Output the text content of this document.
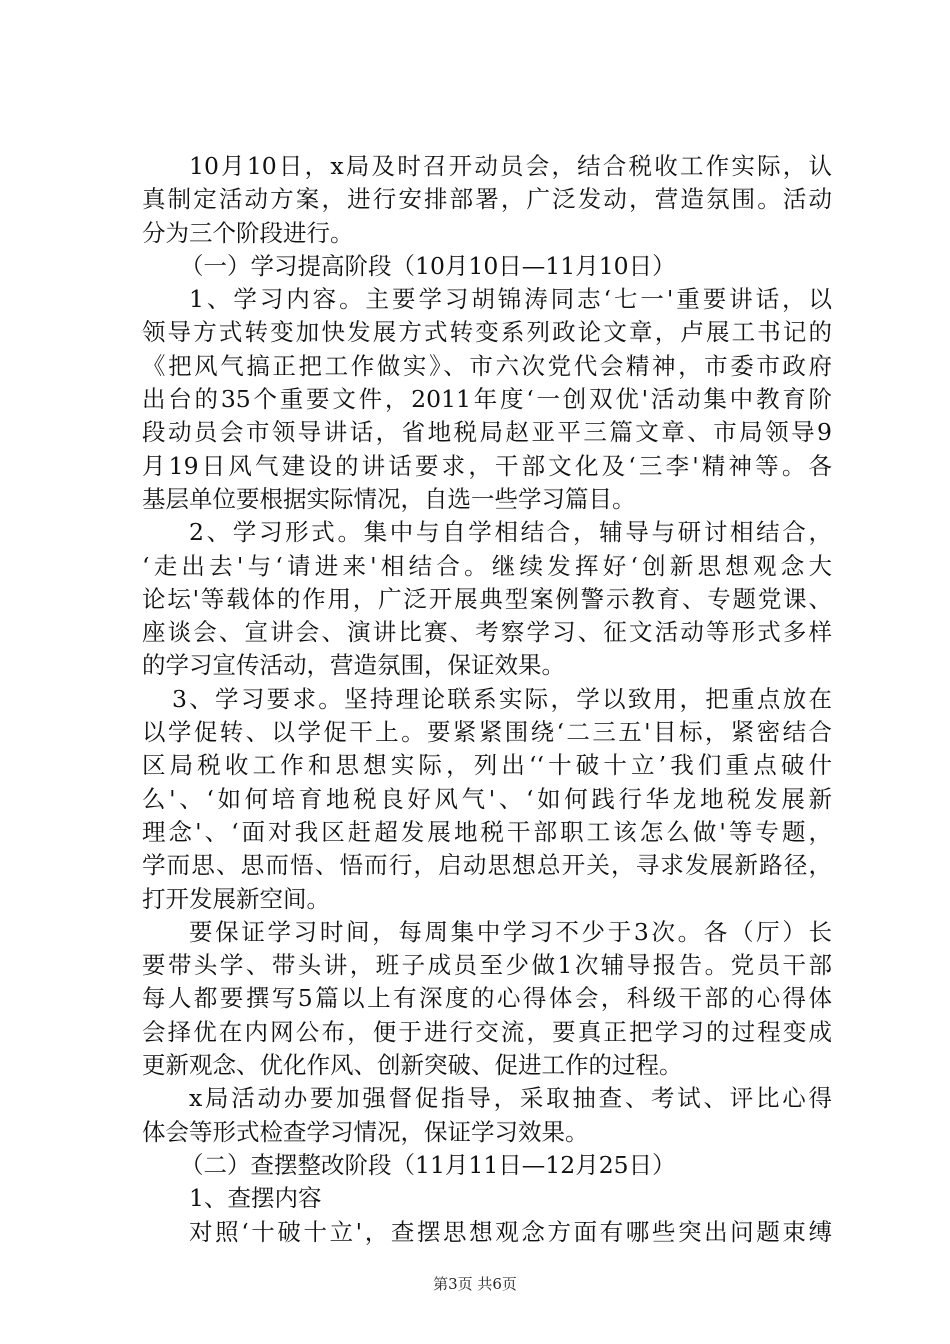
10月10日，x局及时召开动员会，结合税收工作实际，认
真制定活动方案，进行安排部署，广泛发动，营造氛围。活动
分为三个阶段进行。
（一）学习提高阶段（10月10日—11月10日）
1、学习内容。主要学习胡锦涛同志‘七一'重要讲话，以
领导方式转变加快发展方式转变系列政论文章，卢展工书记的
《把风气搞正把工作做实》、市六次党代会精神，市委市政府
出台的35个重要文件，2011年度‘一创双优'活动集中教育阶
段动员会市领导讲话，省地税局赵亚平三篇文章、市局领导9
月19日风气建设的讲话要求，干部文化及‘三李'精神等。各
基层单位要根据实际情况，自选一些学习篇目。
2、学习形式。集中与自学相结合，辅导与研讨相结合，
‘走出去'与‘请进来'相结合。继续发挥好‘创新思想观念大
论坛'等载体的作用，广泛开展典型案例警示教育、专题党课、
座谈会、宣讲会、演讲比赛、考察学习、征文活动等形式多样
的学习宣传活动，营造氛围，保证效果。
3、学习要求。坚持理论联系实际，学以致用，把重点放在
以学促转、以学促干上。要紧紧围绕‘二三五'目标，紧密结合
区局税收工作和思想实际，列出‘‘十破十立’我们重点破什
么'、‘如何培育地税良好风气'、‘如何践行华龙地税发展新
理念'、‘面对我区赶超发展地税干部职工该怎么做'等专题，
学而思、思而悟、悟而行，启动思想总开关，寻求发展新路径，
打开发展新空间。
要保证学习时间，每周集中学习不少于3次。各（厅）长
要带头学、带头讲，班子成员至少做1次辅导报告。党员干部
每人都要撰写5篇以上有深度的心得体会，科级干部的心得体
会择优在内网公布，便于进行交流，要真正把学习的过程变成
更新观念、优化作风、创新突破、促进工作的过程。
x局活动办要加强督促指导，采取抽查、考试、评比心得
体会等形式检查学习情况，保证学习效果。
（二）查摆整改阶段（11月11日—12月25日）
1、查摆内容
对照‘十破十立'，查摆思想观念方面有哪些突出问题束缚
第3页 共6页
